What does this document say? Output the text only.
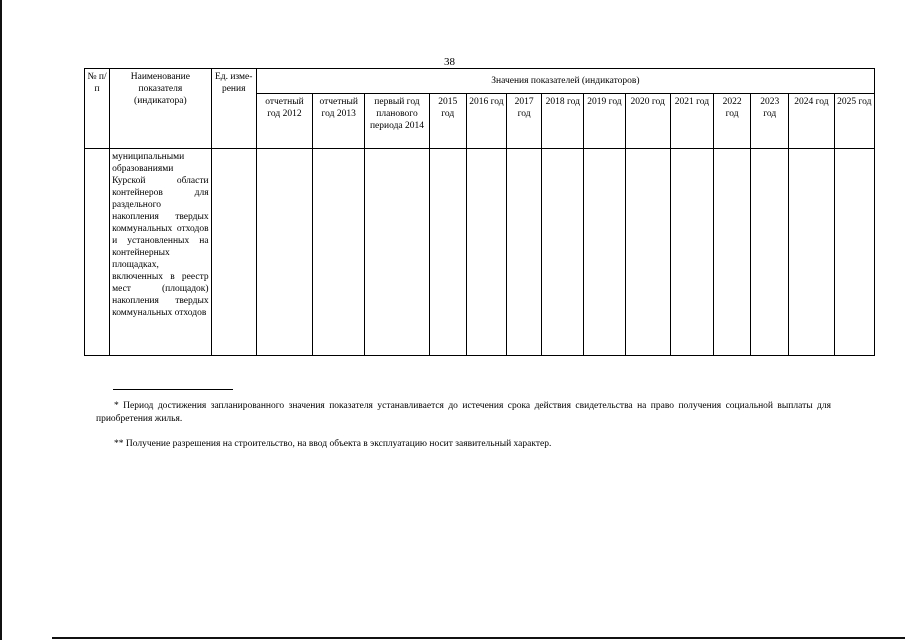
38
№ п/п	Наименование показателя (индикатора)	Ед. изме-рения	Значения показателей (индикаторов)													
			отчетный год 2012	отчетный год 2013	первый год планового периода 2014	2015 год	2016 год	2017 год	2018 год	2019 год	2020 год	2021 год	2022 год	2023 год	2024 год	2025 год
	муниципальными образованиями Курской области контейнеров для раздельного накопления твердых коммунальных отходов и установленных на контейнерных площадках, включенных в реестр мест (площадок) накопления твердых коммунальных отходов															
* Период достижения запланированного значения показателя устанавливается до истечения срока действия свидетельства на право получения социальной выплаты для приобретения жилья.
** Получение разрешения на строительство, на ввод объекта в эксплуатацию носит заявительный характер.
